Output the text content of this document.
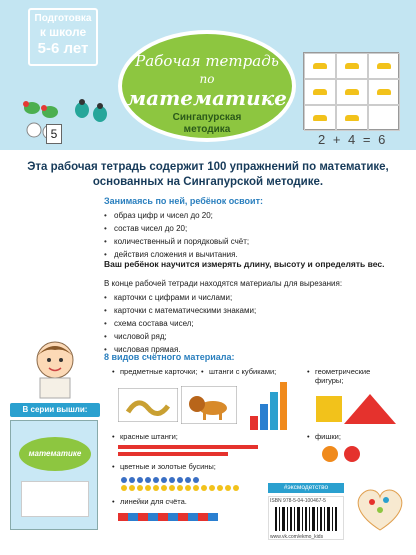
Подготовка
к школе
5-6 лет
5
Рабочая тетрадь
по
математике
Сингапурская
методика
2 + 4 = 6
Эта рабочая тетрадь содержит 100 упражнений по математике,
основанных на Сингапурской методике.
Занимаясь по ней, ребёнок освоит:
• образ цифр и чисел до 20;
• состав чисел до 20;
• количественный и порядковый счёт;
• действия сложения и вычитания.
Ваш ребёнок научится измерять длину, высоту и определять вес.
В конце рабочей тетради находятся материалы для вырезания:
• карточки с цифрами и числами;
• карточки с математическими знаками;
• схема состава чисел;
• числовой ряд;
• числовая прямая.
8 видов счётного материала:
В серии вышли:
математике
• предметные карточки;	• штанги с кубиками;	• геометрические фигуры;
• красные штанги;	• фишки;
• цветные и золотые бусины;
• линейки для счёта.
#эксмодетство
ISBN 978-5-04-100467-5
www.vk.com/ekmo_kids
